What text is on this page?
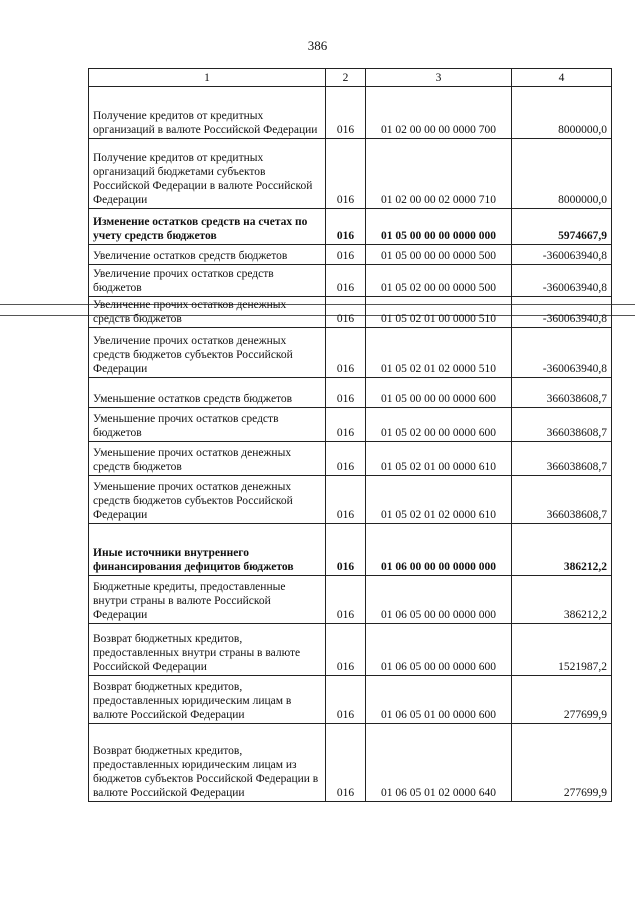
386
1	2	3	4
Получение кредитов от кредитных организаций в валюте Российской Федерации	016	01 02 00 00 00 0000 700	8000000,0
Получение кредитов от кредитных организаций бюджетами субъектов Российской Федерации в валюте Российской Федерации	016	01 02 00 00 02 0000 710	8000000,0
Изменение остатков средств на счетах по учету средств бюджетов	016	01 05 00 00 00 0000 000	5974667,9
Увеличение остатков средств бюджетов	016	01 05 00 00 00 0000 500	-360063940,8
Увеличение прочих остатков средств бюджетов	016	01 05 02 00 00 0000 500	-360063940,8
Увеличение прочих остатков денежных средств бюджетов	016	01 05 02 01 00 0000 510	-360063940,8
Увеличение прочих остатков денежных средств бюджетов субъектов Российской Федерации	016	01 05 02 01 02 0000 510	-360063940,8
Уменьшение остатков средств бюджетов	016	01 05 00 00 00 0000 600	366038608,7
Уменьшение прочих остатков средств бюджетов	016	01 05 02 00 00 0000 600	366038608,7
Уменьшение прочих остатков денежных средств бюджетов	016	01 05 02 01 00 0000 610	366038608,7
Уменьшение прочих остатков денежных средств бюджетов субъектов Российской Федерации	016	01 05 02 01 02 0000 610	366038608,7
Иные источники внутреннего финансирования дефицитов бюджетов	016	01 06 00 00 00 0000 000	386212,2
Бюджетные кредиты, предоставленные внутри страны в валюте Российской Федерации	016	01 06 05 00 00 0000 000	386212,2
Возврат бюджетных кредитов, предоставленных внутри страны в валюте Российской Федерации	016	01 06 05 00 00 0000 600	1521987,2
Возврат бюджетных кредитов, предоставленных юридическим лицам в валюте Российской Федерации	016	01 06 05 01 00 0000 600	277699,9
Возврат бюджетных кредитов, предоставленных юридическим лицам из бюджетов субъектов Российской Федерации в валюте Российской Федерации	016	01 06 05 01 02 0000 640	277699,9
